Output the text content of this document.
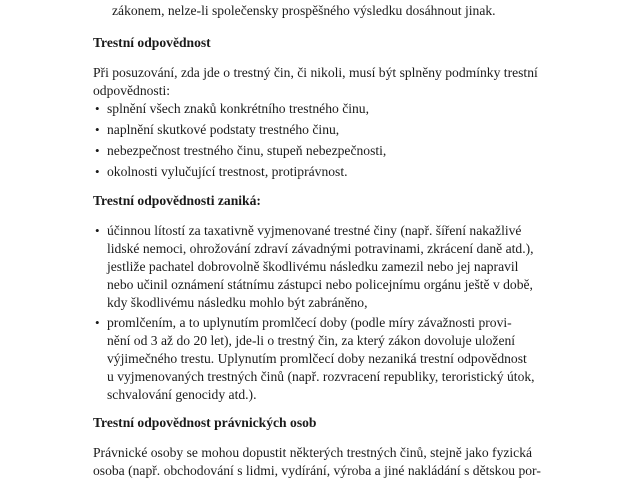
zákonem, nelze-li společensky prospěšného výsledku dosáhnout jinak.
Trestní odpovědnost
Při posuzování, zda jde o trestný čin, či nikoli, musí být splněny podmínky trestní
odpovědnosti:
• splnění všech znaků konkrétního trestného činu,
• naplnění skutkové podstaty trestného činu,
• nebezpečnost trestného činu, stupeň nebezpečnosti,
• okolnosti vylučující trestnost, protiprávnost.
Trestní odpovědnosti zaniká:
• účinnou lítostí za taxativně vyjmenované trestné činy (např. šíření nakažlivé
lidské nemoci, ohrožování zdraví závadnými potravinami, zkrácení daně atd.),
jestliže pachatel dobrovolně škodlivému následku zamezil nebo jej napravil
nebo učinil oznámení státnímu zástupci nebo policejnímu orgánu ještě v době,
kdy škodlivému následku mohlo být zabráněno,
• promlčením, a to uplynutím promlčecí doby (podle míry závažnosti provi-
nění od 3 až do 20 let), jde-li o trestný čin, za který zákon dovoluje uložení
výjimečného trestu. Uplynutím promlčecí doby nezaniká trestní odpovědnost
u vyjmenovaných trestných činů (např. rozvracení republiky, teroristický útok,
schvalování genocidy atd.).
Trestní odpovědnost právnických osob
Právnické osoby se mohou dopustit některých trestných činů, stejně jako fyzická
osoba (např. obchodování s lidmi, vydírání, výroba a jiné nakládání s dětskou por-
